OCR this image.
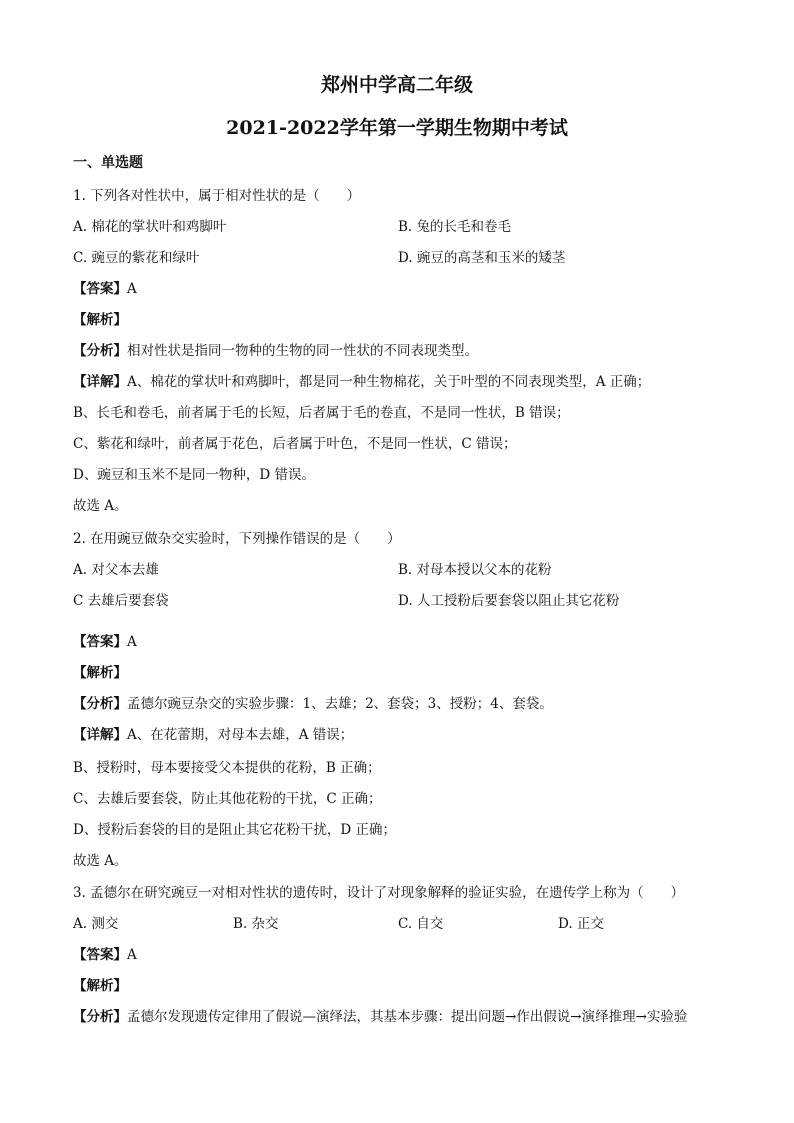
郑州中学高二年级
2021-2022学年第一学期生物期中考试
一、单选题
1. 下列各对性状中，属于相对性状的是（　　）
A. 棉花的掌状叶和鸡脚叶	B. 兔的长毛和卷毛
C. 豌豆的紫花和绿叶	D. 豌豆的高茎和玉米的矮茎
【答案】A
【解析】
【分析】相对性状是指同一物种的生物的同一性状的不同表现类型。
【详解】A、棉花的掌状叶和鸡脚叶，都是同一种生物棉花，关于叶型的不同表现类型，A 正确；
B、长毛和卷毛，前者属于毛的长短，后者属于毛的卷直，不是同一性状，B 错误；
C、紫花和绿叶，前者属于花色，后者属于叶色，不是同一性状，C 错误；
D、豌豆和玉米不是同一物种，D 错误。
故选 A。
2. 在用豌豆做杂交实验时，下列操作错误的是（　　）
A. 对父本去雄	B. 对母本授以父本的花粉
C 去雄后要套袋	D. 人工授粉后要套袋以阻止其它花粉
【答案】A
【解析】
【分析】孟德尔豌豆杂交的实验步骤：1、去雄；2、套袋；3、授粉；4、套袋。
【详解】A、在花蕾期，对母本去雄，A 错误；
B、授粉时，母本要接受父本提供的花粉，B 正确；
C、去雄后要套袋，防止其他花粉的干扰，C 正确；
D、授粉后套袋的目的是阻止其它花粉干扰，D 正确；
故选 A。
3. 孟德尔在研究豌豆一对相对性状的遗传时，设计了对现象解释的验证实验，在遗传学上称为（　　）
A. 测交	B. 杂交	C. 自交	D. 正交
【答案】A
【解析】
【分析】孟德尔发现遗传定律用了假说—演绎法，其基本步骤：提出问题→作出假说→演绎推理→实验验
